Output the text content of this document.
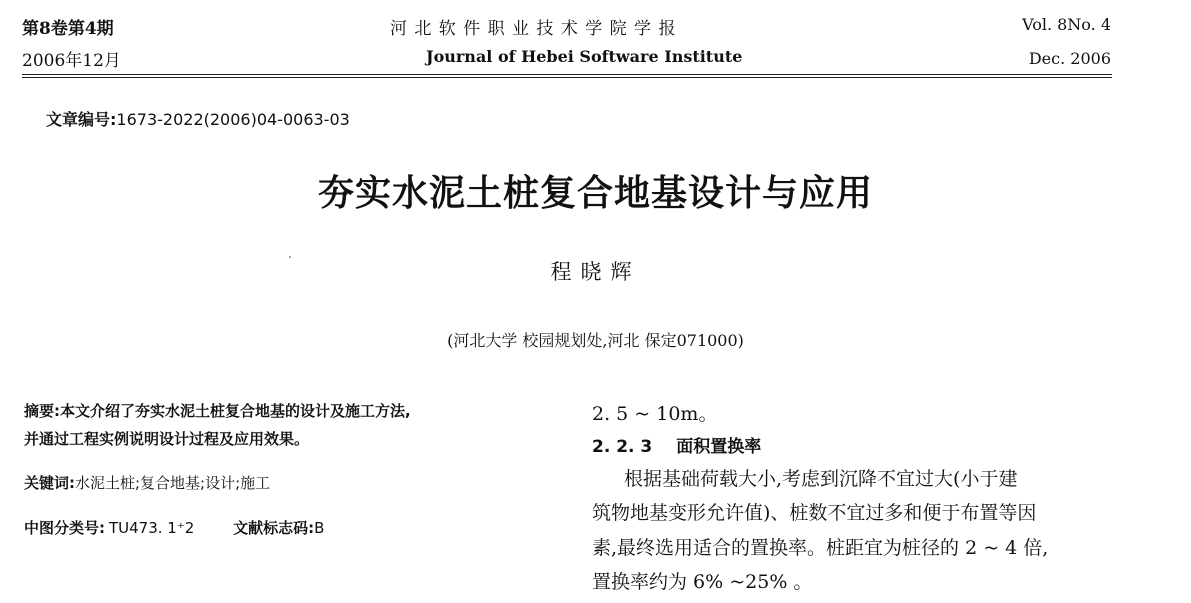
第8卷第4期
2006年12月
河 北 软 件 职 业 技 术 学 院 学 报
Journal of Hebei Software Institute
Vol. 8No. 4
Dec. 2006
文章编号:1673-2022(2006)04-0063-03
夯实水泥土桩复合地基设计与应用
程晓辉
(河北大学 校园规划处,河北 保定071000)
摘要:本文介绍了夯实水泥土桩复合地基的设计及施工方法,
并通过工程实例说明设计过程及应用效果。
关键词:水泥土桩;复合地基;设计;施工
中图分类号: TU473. 1⁺2	文献标志码:B
2. 5 ~ 10m。
2. 2. 3 面积置换率
根据基础荷载大小,考虑到沉降不宜过大(小于建
筑物地基变形允许值)、桩数不宜过多和便于布置等因
素,最终选用适合的置换率。桩距宜为桩径的 2 ~ 4 倍,
置换率约为 6% ~25% 。
